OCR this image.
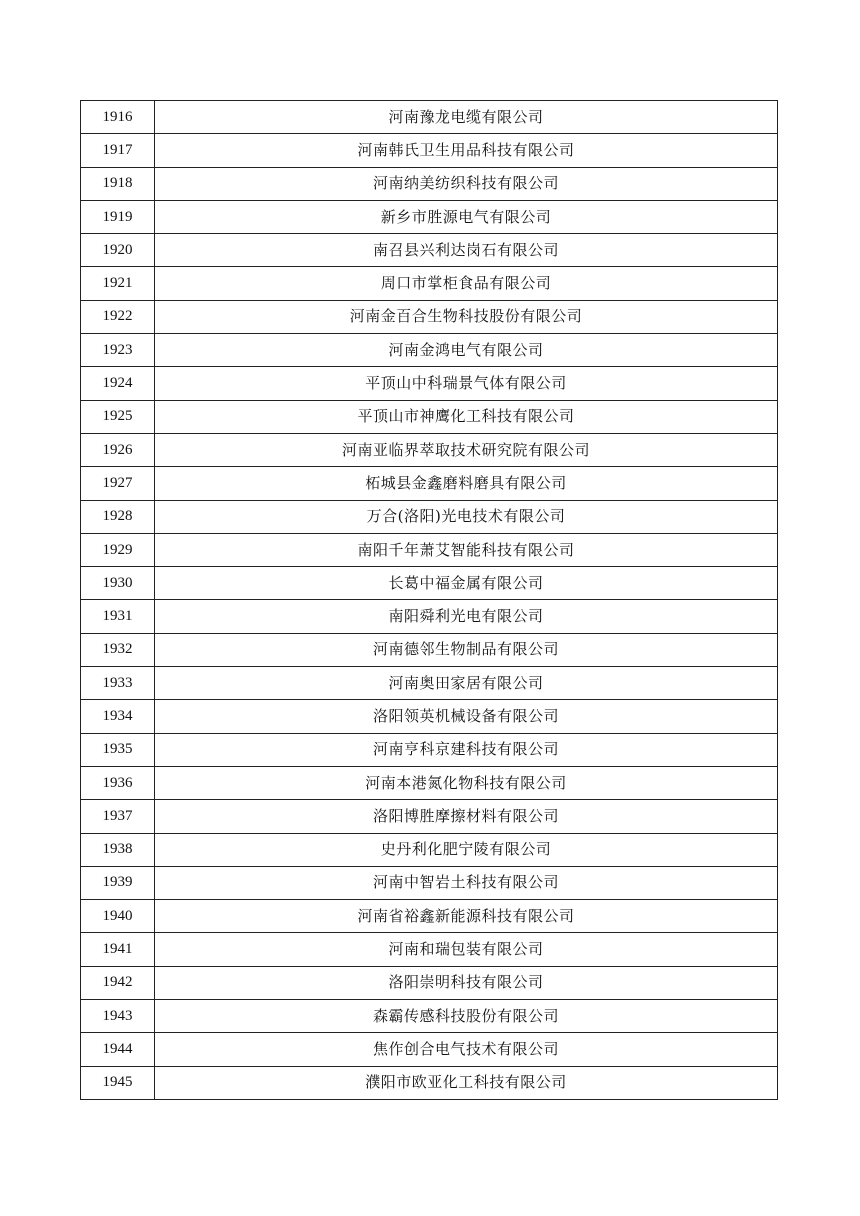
1916	河南豫龙电缆有限公司
1917	河南韩氏卫生用品科技有限公司
1918	河南纳美纺织科技有限公司
1919	新乡市胜源电气有限公司
1920	南召县兴利达岗石有限公司
1921	周口市掌柜食品有限公司
1922	河南金百合生物科技股份有限公司
1923	河南金鸿电气有限公司
1924	平顶山中科瑞景气体有限公司
1925	平顶山市神鹰化工科技有限公司
1926	河南亚临界萃取技术研究院有限公司
1927	柘城县金鑫磨料磨具有限公司
1928	万合(洛阳)光电技术有限公司
1929	南阳千年萧艾智能科技有限公司
1930	长葛中福金属有限公司
1931	南阳舜利光电有限公司
1932	河南德邻生物制品有限公司
1933	河南奥田家居有限公司
1934	洛阳领英机械设备有限公司
1935	河南亨科京建科技有限公司
1936	河南本港氮化物科技有限公司
1937	洛阳博胜摩擦材料有限公司
1938	史丹利化肥宁陵有限公司
1939	河南中智岩土科技有限公司
1940	河南省裕鑫新能源科技有限公司
1941	河南和瑞包装有限公司
1942	洛阳崇明科技有限公司
1943	森霸传感科技股份有限公司
1944	焦作创合电气技术有限公司
1945	濮阳市欧亚化工科技有限公司
